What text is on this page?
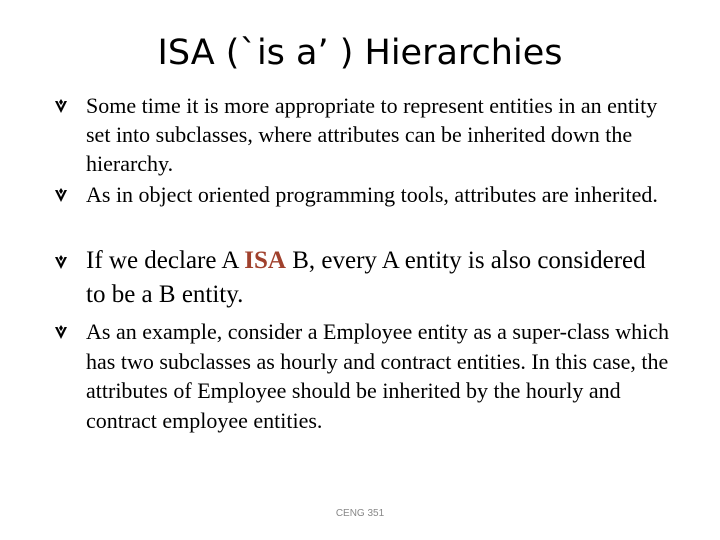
ISA (`is a’ ) Hierarchies
Some time it is more appropriate to represent entities in an entity set into subclasses, where attributes can be inherited down the hierarchy.
As in object oriented programming tools, attributes are inherited.
If we declare A ISA B, every A entity is also considered to be a B entity.
As an example, consider a Employee entity as a super-class which has two subclasses as hourly and contract entities. In this case, the attributes of Employee should be inherited by the hourly and contract employee entities.
CENG 351
